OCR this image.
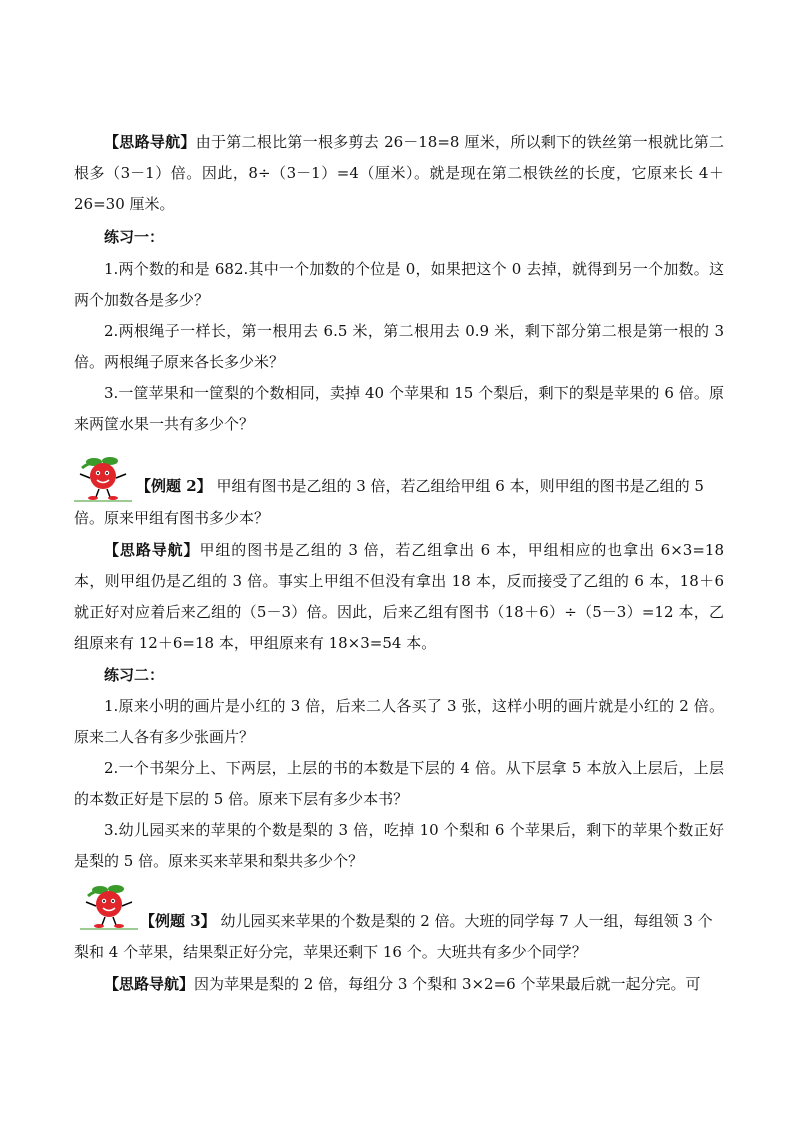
【思路导航】由于第二根比第一根多剪去 26－18=8 厘米，所以剩下的铁丝第一根就比第二根多（3－1）倍。因此，8÷（3－1）=4（厘米）。就是现在第二根铁丝的长度，它原来长 4＋26=30 厘米。

练习一：

1.两个数的和是 682.其中一个加数的个位是 0，如果把这个 0 去掉，就得到另一个加数。这两个加数各是多少？

2.两根绳子一样长，第一根用去 6.5 米，第二根用去 0.9 米，剩下部分第二根是第一根的 3 倍。两根绳子原来各长多少米？

3.一筐苹果和一筐梨的个数相同，卖掉 40 个苹果和 15 个梨后，剩下的梨是苹果的 6 倍。原来两筐水果一共有多少个？

【例题 2】 甲组有图书是乙组的 3 倍，若乙组给甲组 6 本，则甲组的图书是乙组的 5

倍。原来甲组有图书多少本？

【思路导航】甲组的图书是乙组的 3 倍，若乙组拿出 6 本，甲组相应的也拿出 6×3=18 本，则甲组仍是乙组的 3 倍。事实上甲组不但没有拿出 18 本，反而接受了乙组的 6 本，18＋6 就正好对应着后来乙组的（5－3）倍。因此，后来乙组有图书（18＋6）÷（5－3）=12 本，乙组原来有 12＋6=18 本，甲组原来有 18×3=54 本。

练习二：

1.原来小明的画片是小红的 3 倍，后来二人各买了 3 张，这样小明的画片就是小红的 2 倍。原来二人各有多少张画片？

2.一个书架分上、下两层，上层的书的本数是下层的 4 倍。从下层拿 5 本放入上层后，上层的本数正好是下层的 5 倍。原来下层有多少本书？

3.幼儿园买来的苹果的个数是梨的 3 倍，吃掉 10 个梨和 6 个苹果后，剩下的苹果个数正好是梨的 5 倍。原来买来苹果和梨共多少个？

【例题 3】 幼儿园买来苹果的个数是梨的 2 倍。大班的同学每 7 人一组，每组领 3 个

梨和 4 个苹果，结果梨正好分完，苹果还剩下 16 个。大班共有多少个同学？

【思路导航】因为苹果是梨的 2 倍，每组分 3 个梨和 3×2=6 个苹果最后就一起分完。可
